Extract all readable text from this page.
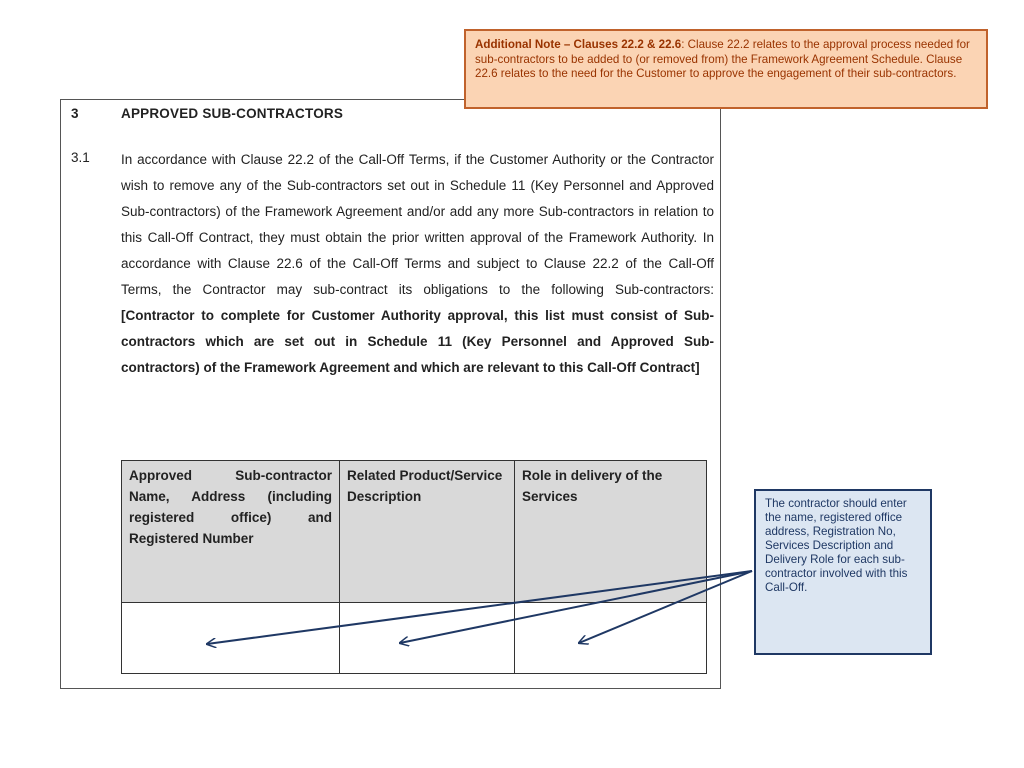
3	APPROVED SUB-CONTRACTORS
3.1 In accordance with Clause 22.2 of the Call-Off Terms, if the Customer Authority or the Contractor wish to remove any of the Sub-contractors set out in Schedule 11 (Key Personnel and Approved Sub-contractors) of the Framework Agreement and/or add any more Sub-contractors in relation to this Call-Off Contract, they must obtain the prior written approval of the Framework Authority. In accordance with Clause 22.6 of the Call-Off Terms and subject to Clause 22.2 of the Call-Off Terms, the Contractor may sub-contract its obligations to the following Sub-contractors: [Contractor to complete for Customer Authority approval, this list must consist of Sub-contractors which are set out in Schedule 11 (Key Personnel and Approved Sub-contractors) of the Framework Agreement and which are relevant to this Call-Off Contract]
Approved Sub-contractor Name, Address (including registered office) and Registered Number	Related Product/Service Description	Role in delivery of the Services

Additional Note – Clauses 22.2 & 22.6: Clause 22.2 relates to the approval process needed for sub-contractors to be added to (or removed from) the Framework Agreement Schedule. Clause 22.6 relates to the need for the Customer to approve the engagement of their sub-contractors.
The contractor should enter the name, registered office address, Registration No, Services Description and Delivery Role for each sub-contractor involved with this Call-Off.
